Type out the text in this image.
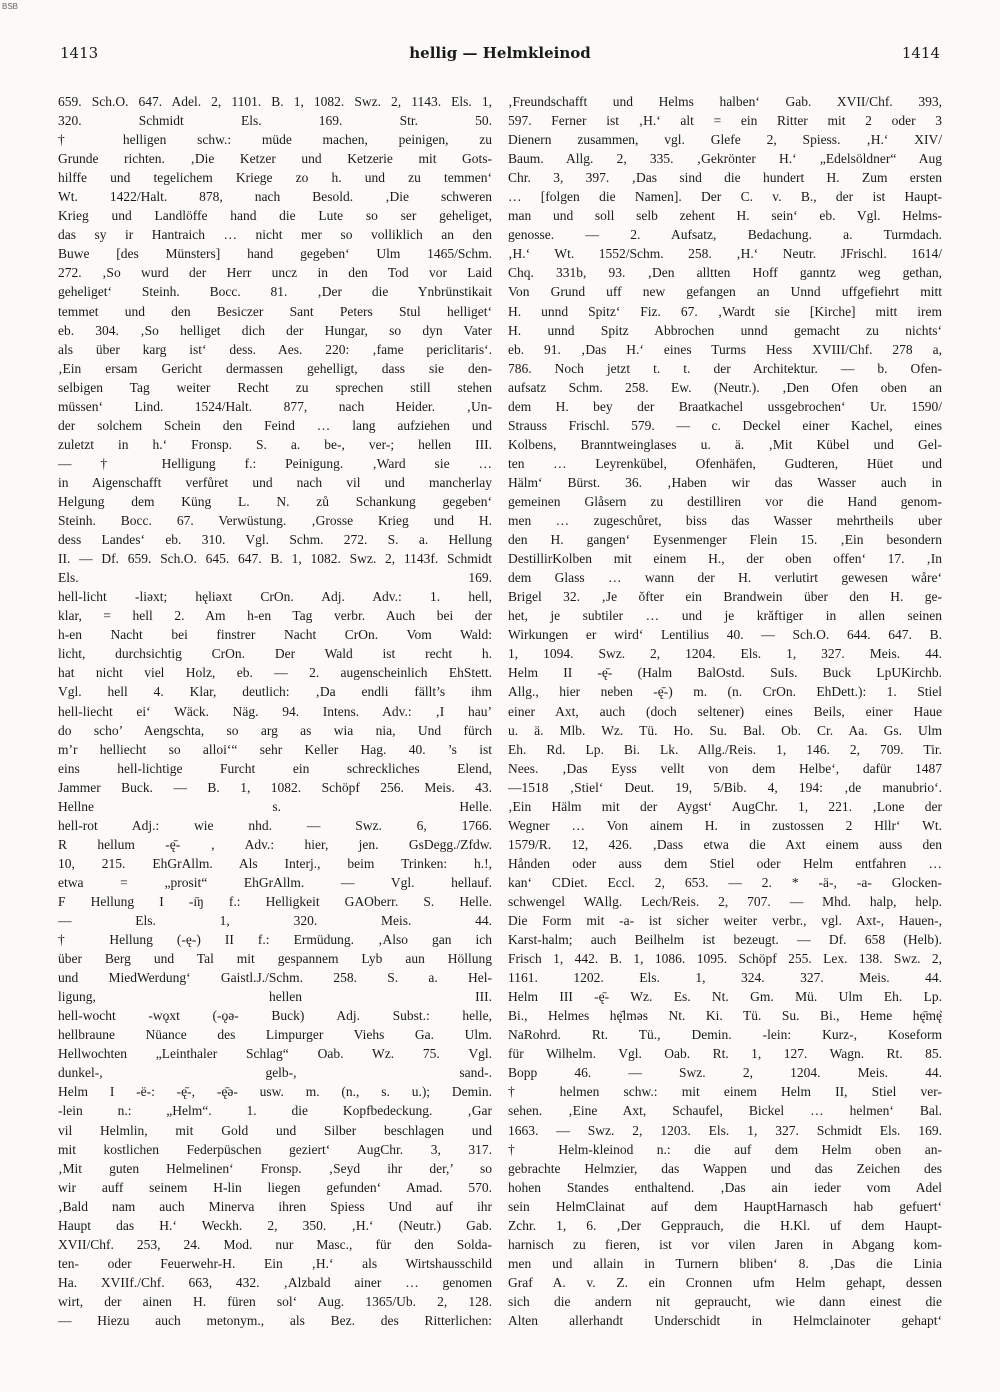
BSB
1413	hellig — Helmkleinod	1414

659. Sch.O. 647. Adel. 2, 1101. B. 1, 1082. Swz. 2, 1143. Els. 1,

320. Schmidt Els. 169. Str. 50.

† helligen schw.: müde machen, peinigen, zu

Grunde richten. ‚Die Ketzer und Ketzerie mit Gots-

hilffe und tegelichem Kriege zo h. und zu temmen‘

Wt. 1422/Halt. 878, nach Besold. ‚Die schweren

Krieg und Landlöffe hand die Lute so ser geheliget,

das sy ir Hantraich … nicht mer so volliklich an den

Buwe [des Münsters] hand gegeben‘ Ulm 1465/Schm.

272. ‚So wurd der Herr uncz in den Tod vor Laid

geheliget‘ Steinh. Bocc. 81. ‚Der die Ynbrünstikait

temmet und den Besiczer Sant Peters Stul helliget‘

eb. 304. ‚So helliget dich der Hungar, so dyn Vater

als über karg ist‘ dess. Aes. 220: ‚fame periclitaris‘.

‚Ein ersam Gericht dermassen gehelligt, dass sie den-

selbigen Tag weiter Recht zu sprechen still stehen

müssen‘ Lind. 1524/Halt. 877, nach Heider. ‚Un-

der solchem Schein den Feind … lang aufziehen und

zuletzt in h.‘ Fronsp. S. a. be-, ver-; hellen III.

— † Helligung f.: Peinigung. ‚Ward sie …

in Aigenschafft verfůret und nach vil und mancherlay

Helgung dem Küng L. N. zů Schankung gegeben‘

Steinh. Bocc. 67. Verwüstung. ‚Grosse Krieg und H.

dess Landes‘ eb. 310. Vgl. Schm. 272. S. a. Hellung

II. — Df. 659. Sch.O. 645. 647. B. 1, 1082. Swz. 2, 1143f. Schmidt

Els. 169.

hell-licht -liəxt; hęliəxt CrOn. Adj. Adv.: 1. hell,

klar, = hell 2. Am h-en Tag verbr. Auch bei der

h-en Nacht bei finstrer Nacht CrOn. Vom Wald:

licht, durchsichtig CrOn. Der Wald ist recht h.

hat nicht viel Holz, eb. — 2. augenscheinlich EhStett.

Vgl. hell 4. Klar, deutlich: ‚Da endli fällt’s ihm

hell-liecht ei‘ Wäck. Näg. 94. Intens. Adv.: ‚I hau’

do scho’ Aengschta, so arg as wia nia, Und fürch

m’r helliecht so alloi‘“ sehr Keller Hag. 40. ’s ist

eins hell-lichtige Furcht ein schreckliches Elend,

Jammer Buck. — B. 1, 1082. Schöpf 256. Meis. 43.

Hellne s. Helle.

hell-rot Adj.: wie nhd. — Swz. 6, 1766.

R hellum -ę̄- ‚ Adv.: hier, jen. GsDegg./Zfdw.

10, 215. EhGrAllm. Als Interj., beim Trinken: h.!,

etwa = „prosit“ EhGrAllm. — Vgl. hellauf.

F Hellung I -ı̄ŋ f.: Helligkeit GAOberr. S. Helle.

— Els. 1, 320. Meis. 44.

† Hellung (-ę-) II f.: Ermüdung. ‚Also gan ich

über Berg und Tal mit gespannem Lyb aun Höllung

und MiedWerdung‘ Gaistl.J./Schm. 258. S. a. Hel-

ligung, hellen III.

hell-wocht -wǫxt (-ǫə- Buck) Adj. Subst.: helle,

hellbraune Nüance des Limpurger Viehs Ga. Ulm.

Hellwochten „Leinthaler Schlag“ Oab. Wz. 75. Vgl.

dunkel-, gelb-, sand-.

Helm I -ë-: -ę̄-, -ę̄ə- usw. m. (n., s. u.); Demin.

-lein n.: „Helm“. 1. die Kopfbedeckung. ‚Gar

vil Helmlin, mit Gold und Silber beschlagen und

mit kostlichen Federpüschen geziert‘ AugChr. 3, 317.

‚Mit guten Helmelinen‘ Fronsp. ‚Seyd ihr der,’ so

wir auff seinem H-lin liegen gefunden‘ Amad. 570.

‚Bald nam auch Minerva ihren Spiess Und auf ihr

Haupt das H.‘ Weckh. 2, 350. ‚H.‘ (Neutr.) Gab.

XVII/Chf. 253, 24. Mod. nur Masc., für den Solda-

ten- oder Feuerwehr-H. Ein ‚H.‘ als Wirtshausschild

Ha. XVIIf./Chf. 663, 432. ‚Alzbald ainer … genomen

wirt, der ainen H. füren sol‘ Aug. 1365/Ub. 2, 128.

— Hiezu auch metonym., als Bez. des Ritterlichen:

‚Freundschafft und Helms halben‘ Gab. XVII/Chf. 393,

597. Ferner ist ‚H.‘ alt = ein Ritter mit 2 oder 3

Dienern zusammen, vgl. Glefe 2, Spiess. ‚H.‘ XIV/

Baum. Allg. 2, 335. ‚Gekrönter H.‘ „Edelsöldner“ Aug

Chr. 3, 397. ‚Das sind die hundert H. Zum ersten

… [folgen die Namen]. Der C. v. B., der ist Haupt-

man und soll selb zehent H. sein‘ eb. Vgl. Helms-

genosse. — 2. Aufsatz, Bedachung. a. Turmdach.

‚H.‘ Wt. 1552/Schm. 258. ‚H.‘ Neutr. JFrischl. 1614/

Chq. 331b, 93. ‚Den alltten Hoff ganntz weg gethan,

Von Grund uff new gefangen an Unnd uffgefiehrt mitt

H. unnd Spitz‘ Fiz. 67. ‚Wardt sie [Kirche] mitt irem

H. unnd Spitz Abbrochen unnd gemacht zu nichts‘

eb. 91. ‚Das H.‘ eines Turms Hess XVIII/Chf. 278 a,

786. Noch jetzt t. t. der Architektur. — b. Ofen-

aufsatz Schm. 258. Ew. (Neutr.). ‚Den Ofen oben an

dem H. bey der Braatkachel ussgebrochen‘ Ur. 1590/

Strauss Frischl. 579. — c. Deckel einer Kachel, eines

Kolbens, Branntweinglases u. ä. ‚Mit Kübel und Gel-

ten … Leyrenkübel, Ofenhäfen, Gudteren, Hüet und

Hälm‘ Bürst. 36. ‚Haben wir das Wasser auch in

gemeinen Glåsern zu destilliren vor die Hand genom-

men … zugeschůret, biss das Wasser mehrtheils uber

den H. gangen‘ Eysenmenger Flein 15. ‚Ein besondern

DestillirKolben mit einem H., der oben offen‘ 17. ‚In

dem Glass … wann der H. verlutirt gewesen wåre‘

Brigel 32. ‚Je ŏfter ein Brandwein über den H. ge-

het, je subtiler … und je krăftiger in allen seinen

Wirkungen er wird‘ Lentilius 40. — Sch.O. 644. 647. B.

1, 1094. Swz. 2, 1204. Els. 1, 327. Meis. 44.

Helm II -ę̄- (Halm BalOstd. SuIs. Buck LpUKirchb.

Allg., hier neben -ę̄-) m. (n. CrOn. EhDett.): 1. Stiel

einer Axt, auch (doch seltener) eines Beils, einer Haue

u. ä. Mlb. Wz. Tü. Ho. Su. Bal. Ob. Cr. Aa. Gs. Ulm

Eh. Rd. Lp. Bi. Lk. Allg./Reis. 1, 146. 2, 709. Tir.

Nees. ‚Das Eyss vellt von dem Helbe‘, dafür 1487

—1518 ‚Stiel‘ Deut. 19, 5/Bib. 4, 194: ‚de manubrio‘.

‚Ein Hälm mit der Aygst‘ AugChr. 1, 221. ‚Lone der

Wegner … Von ainem H. in zustossen 2 Hllr‘ Wt.

1579/R. 12, 426. ‚Dass etwa die Axt einem auss den

Hånden oder auss dem Stiel oder Helm entfahren …

kan‘ CDiet. Eccl. 2, 653. — 2. * -ä-, -a- Glocken-

schwengel WAllg. Lech/Reis. 2, 707. — Mhd. halp, help.

Die Form mit -a- ist sicher weiter verbr., vgl. Axt-, Hauen-,

Karst-halm; auch Beilhelm ist bezeugt. — Df. 658 (Helb).

Frisch 1, 442. B. 1, 1086. 1095. Schöpf 255. Lex. 138. Swz. 2,

1161. 1202. Els. 1, 324. 327. Meis. 44.

Helm III -ę̄- Wz. Es. Nt. Gm. Mü. Ulm Eh. Lp.

Bi., Helmes hę̄lməs Nt. Ki. Tü. Su. Bi., Heme hę̄mę̆

NaRohrd. Rt. Tü., Demin. -lein: Kurz-, Koseform

für Wilhelm. Vgl. Oab. Rt. 1, 127. Wagn. Rt. 85.

Bopp 46. — Swz. 2, 1204. Meis. 44.

† helmen schw.: mit einem Helm II, Stiel ver-

sehen. ‚Eine Axt, Schaufel, Bickel … helmen‘ Bal.

1663. — Swz. 2, 1203. Els. 1, 327. Schmidt Els. 169.

† Helm-kleinod n.: die auf dem Helm oben an-

gebrachte Helmzier, das Wappen und das Zeichen des

hohen Standes enthaltend. ‚Das ain ieder vom Adel

sein HelmClainat auf dem HauptHarnasch hab gefuert‘

Zchr. 1, 6. ‚Der Gepprauch, die H.Kl. uf dem Haupt-

harnisch zu fieren, ist vor vilen Jaren in Abgang kom-

men und allain in Turnern bliben‘ 8. ‚Das die Linia

Graf A. v. Z. ein Cronnen ufm Helm gehapt, dessen

sich die andern nit gepraucht, wie dann einest die

Alten allerhandt Underschidt in Helmclainoter gehapt‘
